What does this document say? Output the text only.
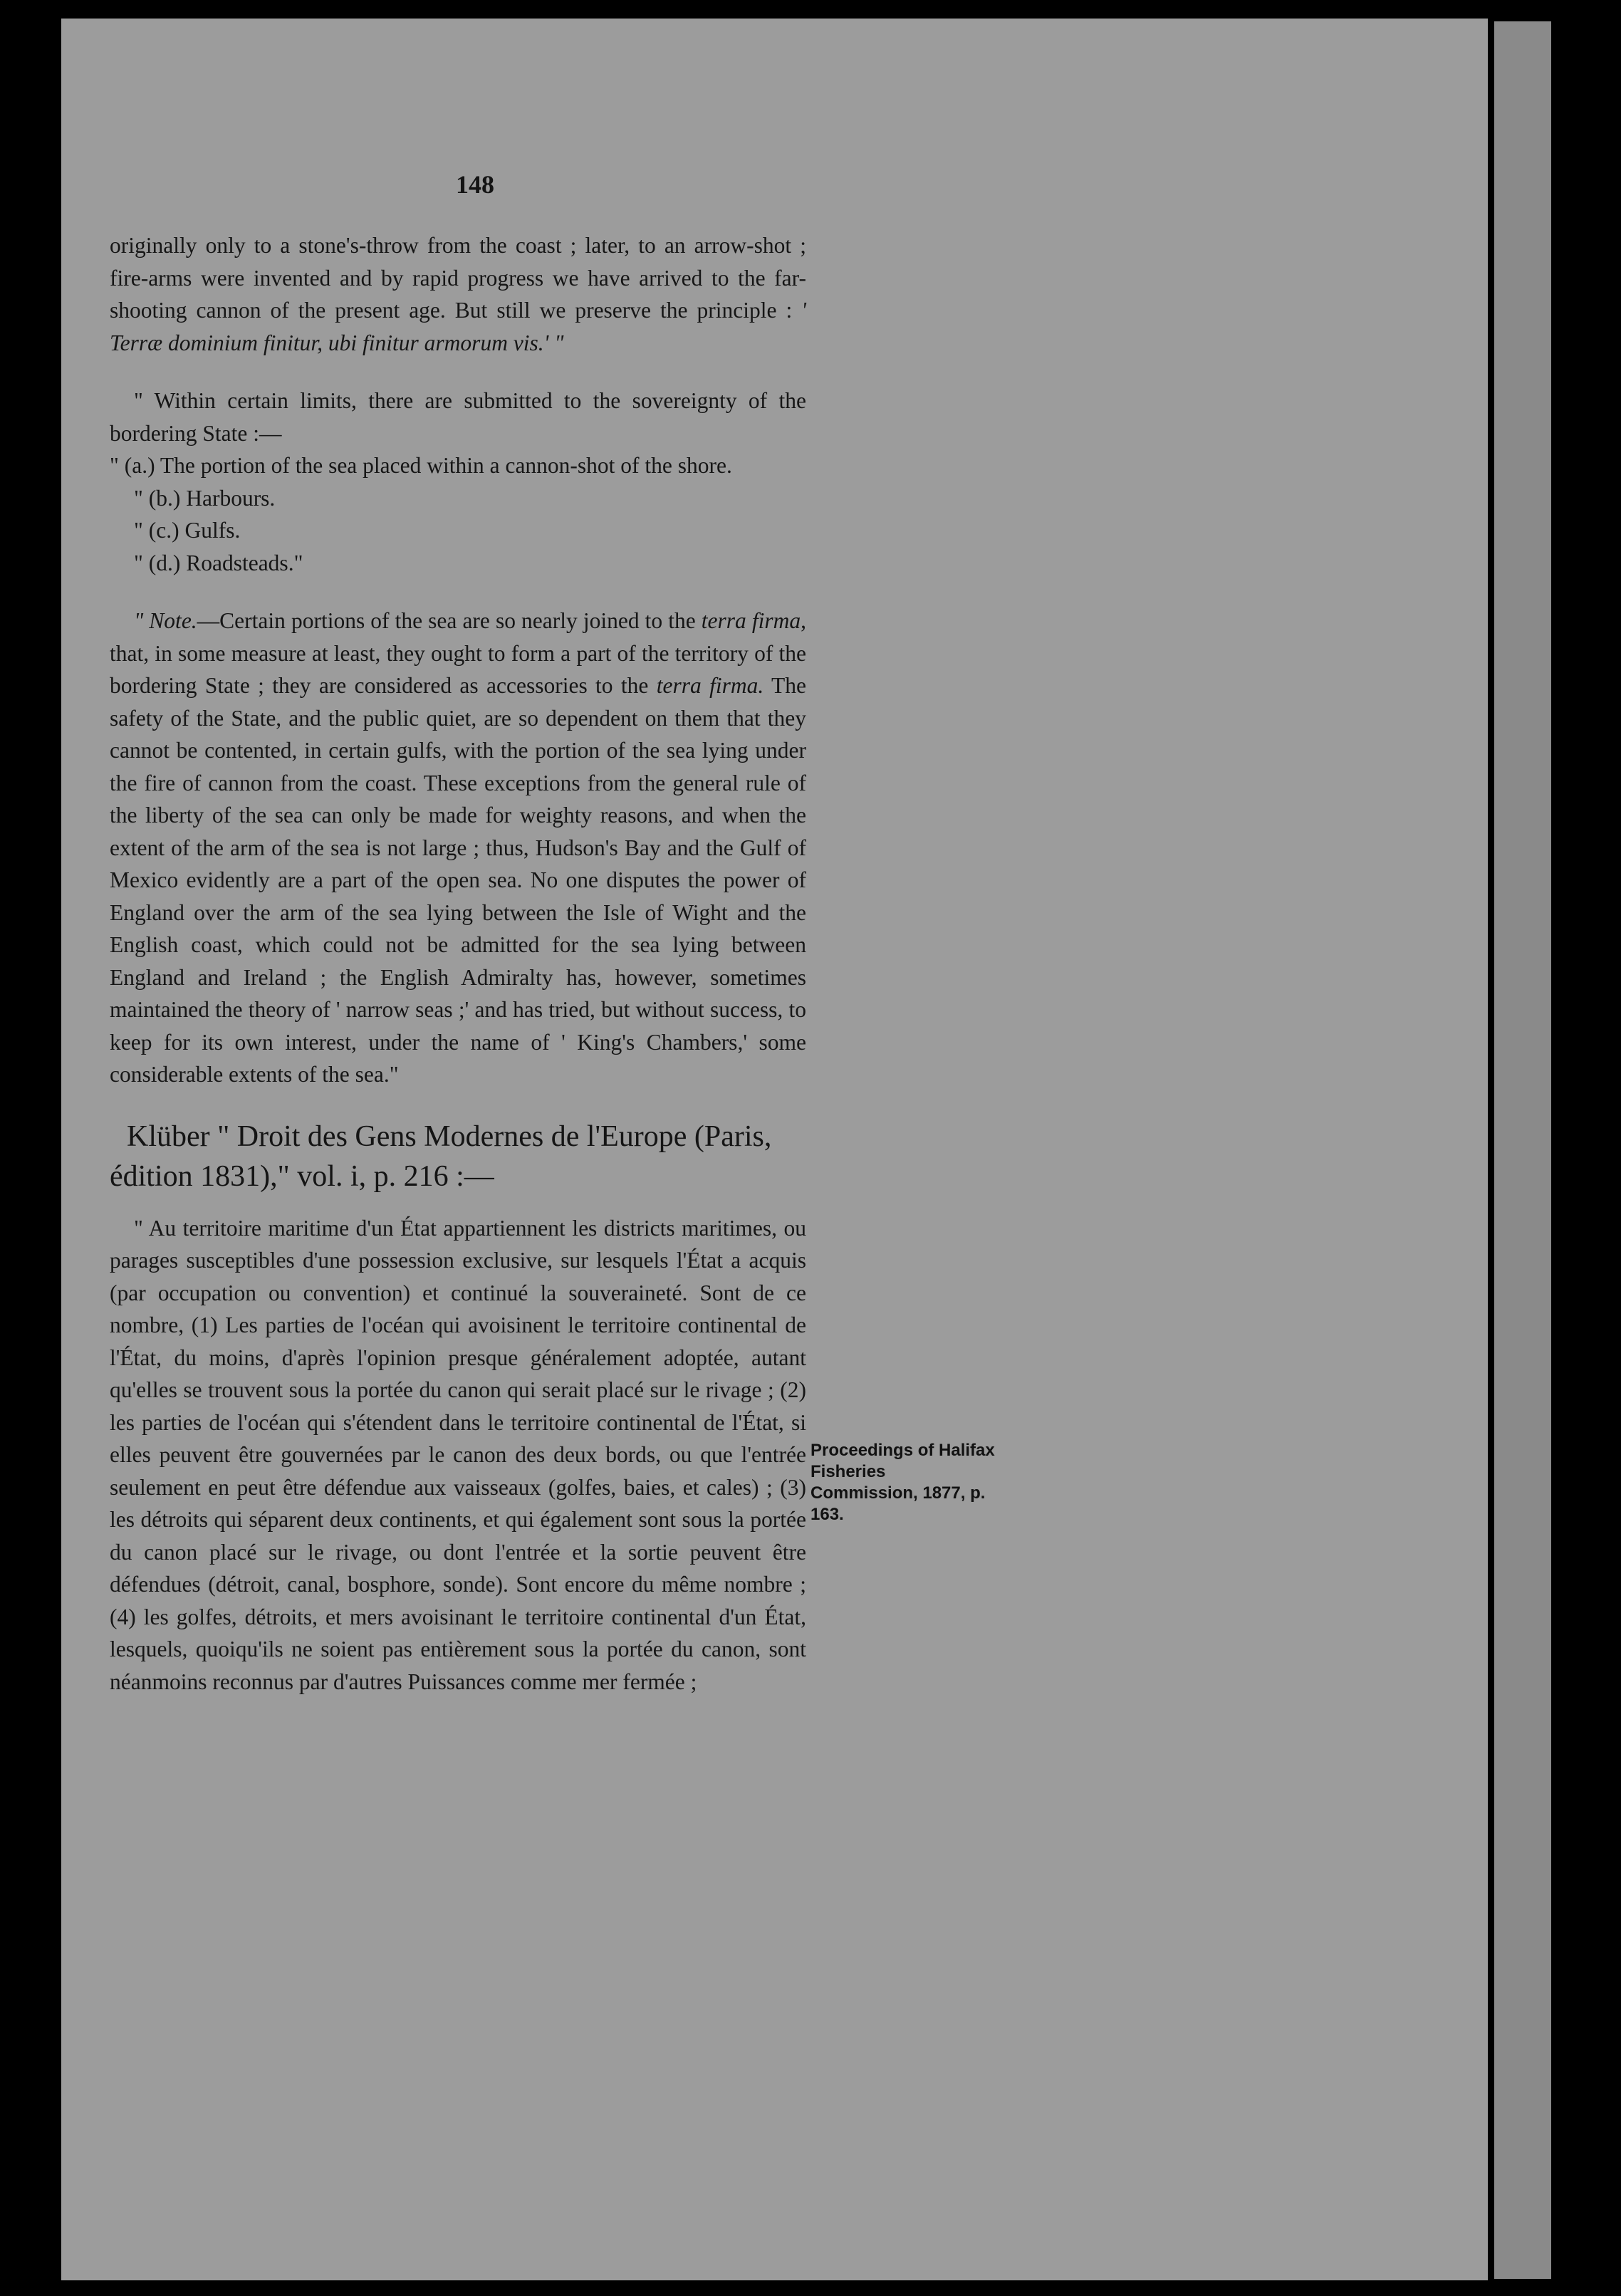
148

originally only to a stone's-throw from the coast ; later, to an arrow-shot ; fire-arms were invented and by rapid progress we have arrived to the far-shooting cannon of the present age. But still we preserve the principle : ' Terræ dominium finitur, ubi finitur armorum vis.' "

" Within certain limits, there are submitted to the sovereignty of the bordering State :—

" (a.) The portion of the sea placed within a cannon-shot of the shore.

" (b.) Harbours.

" (c.) Gulfs.

" (d.) Roadsteads."

" Note.—Certain portions of the sea are so nearly joined to the terra firma, that, in some measure at least, they ought to form a part of the territory of the bordering State ; they are considered as accessories to the terra firma. The safety of the State, and the public quiet, are so dependent on them that they cannot be contented, in certain gulfs, with the portion of the sea lying under the fire of cannon from the coast. These exceptions from the general rule of the liberty of the sea can only be made for weighty reasons, and when the extent of the arm of the sea is not large ; thus, Hudson's Bay and the Gulf of Mexico evidently are a part of the open sea. No one disputes the power of England over the arm of the sea lying between the Isle of Wight and the English coast, which could not be admitted for the sea lying between England and Ireland ; the English Admiralty has, however, sometimes maintained the theory of ' narrow seas ;' and has tried, but without success, to keep for its own interest, under the name of ' King's Chambers,' some considerable extents of the sea."

Klüber " Droit des Gens Modernes de l'Europe (Paris, édition 1831)," vol. i, p. 216 :—

" Au territoire maritime d'un État appartiennent les districts maritimes, ou parages susceptibles d'une possession exclusive, sur lesquels l'État a acquis (par occupation ou convention) et continué la souveraineté. Sont de ce nombre, (1) Les parties de l'océan qui avoisinent le territoire continental de l'État, du moins, d'après l'opinion presque généralement adoptée, autant qu'elles se trouvent sous la portée du canon qui serait placé sur le rivage ; (2) les parties de l'océan qui s'étendent dans le territoire continental de l'État, si elles peuvent être gouvernées par le canon des deux bords, ou que l'entrée seulement en peut être défendue aux vaisseaux (golfes, baies, et cales) ; (3) les détroits qui séparent deux continents, et qui également sont sous la portée du canon placé sur le rivage, ou dont l'entrée et la sortie peuvent être défendues (détroit, canal, bosphore, sonde). Sont encore du même nombre ; (4) les golfes, détroits, et mers avoisinant le territoire continental d'un État, lesquels, quoiqu'ils ne soient pas entièrement sous la portée du canon, sont néanmoins reconnus par d'autres Puissances comme mer fermée ;

Proceedings of Halifax Fisheries Commission, 1877, p. 163.
